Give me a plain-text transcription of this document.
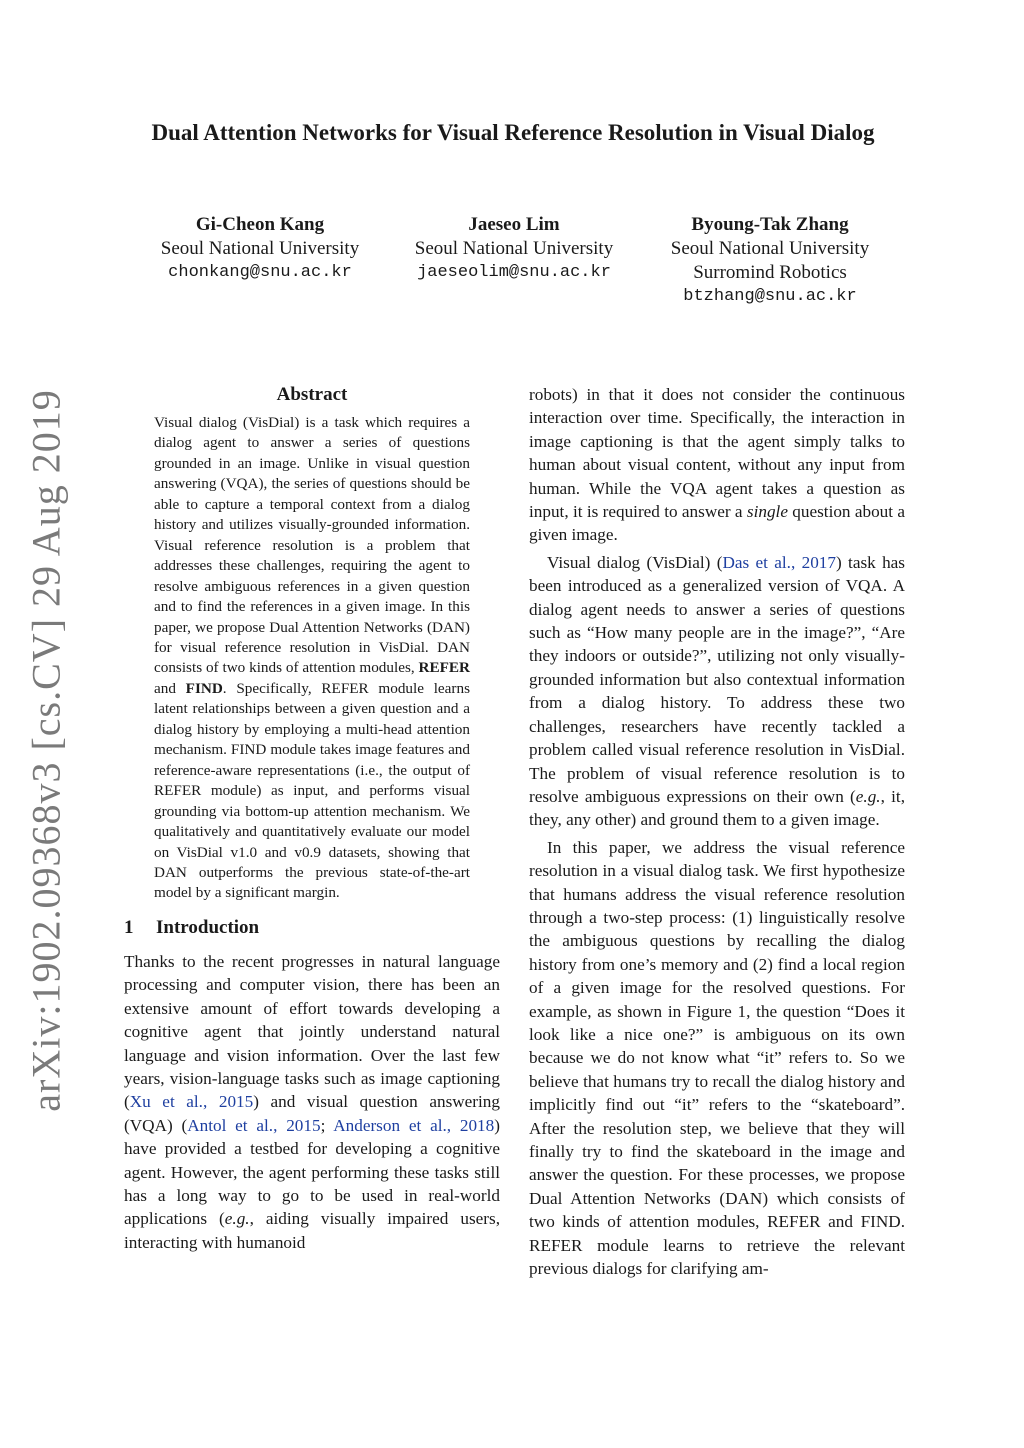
arXiv:1902.09368v3 [cs.CV] 29 Aug 2019
Dual Attention Networks for Visual Reference Resolution in Visual Dialog
Gi-Cheon Kang
Seoul National University
chonkang@snu.ac.kr
Jaeseo Lim
Seoul National University
jaeseolim@snu.ac.kr
Byoung-Tak Zhang
Seoul National University
Surromind Robotics
btzhang@snu.ac.kr
Abstract
Visual dialog (VisDial) is a task which requires a dialog agent to answer a series of questions grounded in an image. Unlike in visual question answering (VQA), the series of questions should be able to capture a temporal context from a dialog history and utilizes visually-grounded information. Visual reference resolution is a problem that addresses these challenges, requiring the agent to resolve ambiguous references in a given question and to find the references in a given image. In this paper, we propose Dual Attention Networks (DAN) for visual reference resolution in VisDial. DAN consists of two kinds of attention modules, REFER and FIND. Specifically, REFER module learns latent relationships between a given question and a dialog history by employing a multi-head attention mechanism. FIND module takes image features and reference-aware representations (i.e., the output of REFER module) as input, and performs visual grounding via bottom-up attention mechanism. We qualitatively and quantitatively evaluate our model on VisDial v1.0 and v0.9 datasets, showing that DAN outperforms the previous state-of-the-art model by a significant margin.
1 Introduction

Thanks to the recent progresses in natural language processing and computer vision, there has been an extensive amount of effort towards developing a cognitive agent that jointly understand natural language and vision information. Over the last few years, vision-language tasks such as image captioning (Xu et al., 2015) and visual question answering (VQA) (Antol et al., 2015; Anderson et al., 2018) have provided a testbed for developing a cognitive agent. However, the agent performing these tasks still has a long way to go to be used in real-world applications (e.g., aiding visually impaired users, interacting with humanoid

robots) in that it does not consider the continuous interaction over time. Specifically, the interaction in image captioning is that the agent simply talks to human about visual content, without any input from human. While the VQA agent takes a question as input, it is required to answer a single question about a given image.

Visual dialog (VisDial) (Das et al., 2017) task has been introduced as a generalized version of VQA. A dialog agent needs to answer a series of questions such as “How many people are in the image?”, “Are they indoors or outside?”, utilizing not only visually-grounded information but also contextual information from a dialog history. To address these two challenges, researchers have recently tackled a problem called visual reference resolution in VisDial. The problem of visual reference resolution is to resolve ambiguous expressions on their own (e.g., it, they, any other) and ground them to a given image.

In this paper, we address the visual reference resolution in a visual dialog task. We first hypothesize that humans address the visual reference resolution through a two-step process: (1) linguistically resolve the ambiguous questions by recalling the dialog history from one’s memory and (2) find a local region of a given image for the resolved questions. For example, as shown in Figure 1, the question “Does it look like a nice one?” is ambiguous on its own because we do not know what “it” refers to. So we believe that humans try to recall the dialog history and implicitly find out “it” refers to the “skateboard”. After the resolution step, we believe that they will finally try to find the skateboard in the image and answer the question. For these processes, we propose Dual Attention Networks (DAN) which consists of two kinds of attention modules, REFER and FIND. REFER module learns to retrieve the relevant previous dialogs for clarifying am-
